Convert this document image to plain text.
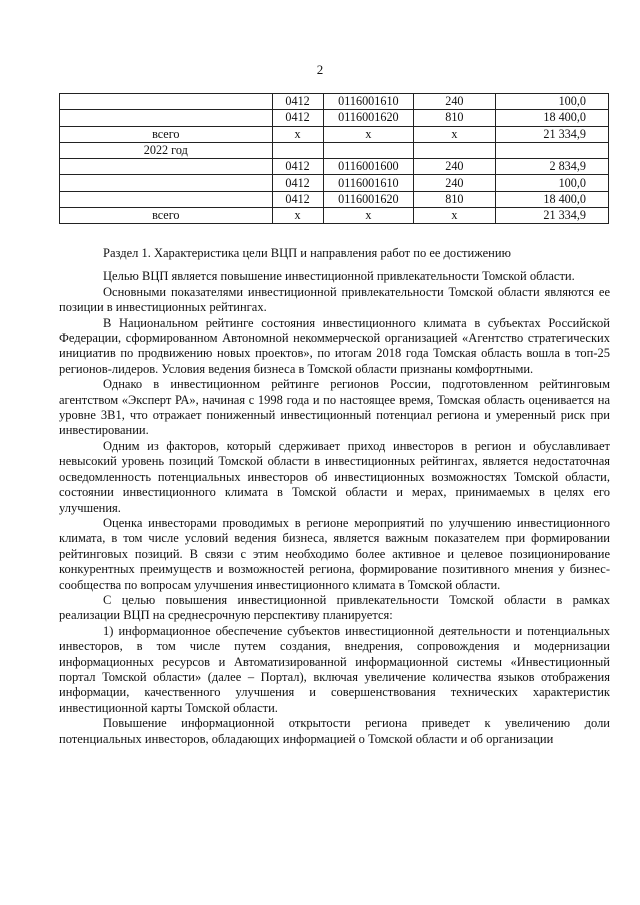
2
	0412	0116001610	240	100,0
	0412	0116001620	810	18 400,0
всего	х	х	х	21 334,9
2022 год				
	0412	0116001600	240	2 834,9
	0412	0116001610	240	100,0
	0412	0116001620	810	18 400,0
всего	х	х	х	21 334,9

Раздел 1. Характеристика цели ВЦП и направления работ по ее достижению

Целью ВЦП является повышение инвестиционной привлекательности Томской области.

Основными показателями инвестиционной привлекательности Томской области являются ее позиции в инвестиционных рейтингах.

В Национальном рейтинге состояния инвестиционного климата в субъектах Российской Федерации, сформированном Автономной некоммерческой организацией «Агентство стратегических инициатив по продвижению новых проектов», по итогам 2018 года Томская область вошла в топ-25 регионов-лидеров. Условия ведения бизнеса в Томской области признаны комфортными.

Однако в инвестиционном рейтинге регионов России, подготовленном рейтинговым агентством «Эксперт РА», начиная с 1998 года и по настоящее время, Томская область оценивается на уровне 3В1, что отражает пониженный инвестиционный потенциал региона и умеренный риск при инвестировании.

Одним из факторов, который сдерживает приход инвесторов в регион и обуславливает невысокий уровень позиций Томской области в инвестиционных рейтингах, является недостаточная осведомленность потенциальных инвесторов об инвестиционных возможностях Томской области, состоянии инвестиционного климата в Томской области и мерах, принимаемых в целях его улучшения.

Оценка инвесторами проводимых в регионе мероприятий по улучшению инвестиционного климата, в том числе условий ведения бизнеса, является важным показателем при формировании рейтинговых позиций. В связи с этим необходимо более активное и целевое позиционирование конкурентных преимуществ и возможностей региона, формирование позитивного мнения у бизнес-сообщества по вопросам улучшения инвестиционного климата в Томской области.

С целью повышения инвестиционной привлекательности Томской области в рамках реализации ВЦП на среднесрочную перспективу планируется:

1) информационное обеспечение субъектов инвестиционной деятельности и потенциальных инвесторов, в том числе путем создания, внедрения, сопровождения и модернизации информационных ресурсов и Автоматизированной информационной системы «Инвестиционный портал Томской области» (далее – Портал), включая увеличение количества языков отображения информации, качественного улучшения и совершенствования технических характеристик инвестиционной карты Томской области.

Повышение информационной открытости региона приведет к увеличению доли потенциальных инвесторов, обладающих информацией о Томской области и об организации
